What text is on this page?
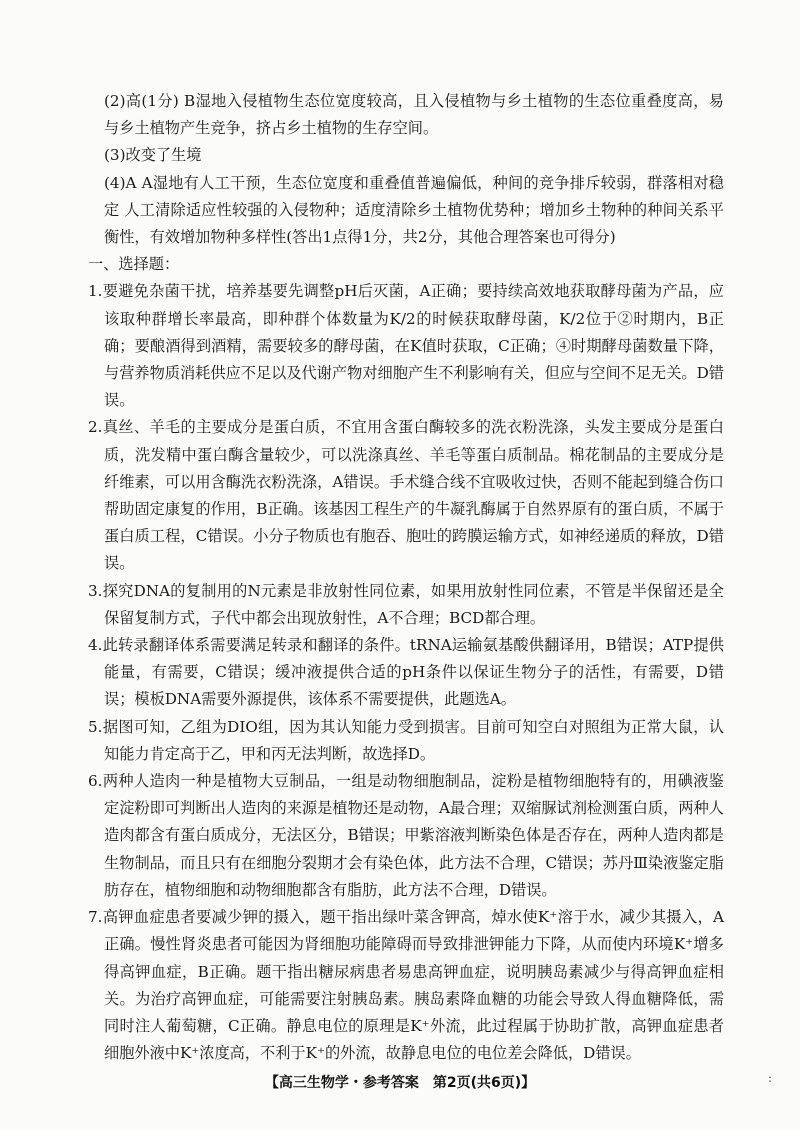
(2)高(1分) B湿地入侵植物生态位宽度较高，且入侵植物与乡土植物的生态位重叠度高，易与乡土植物产生竞争，挤占乡土植物的生存空间。

(3)改变了生境

(4)A A湿地有人工干预，生态位宽度和重叠值普遍偏低，种间的竞争排斥较弱，群落相对稳定 人工清除适应性较强的入侵物种；适度清除乡土植物优势种；增加乡土物种的种间关系平衡性，有效增加物种多样性(答出1点得1分，共2分，其他合理答案也可得分)

一、选择题：

1.要避免杂菌干扰，培养基要先调整pH后灭菌，A正确；要持续高效地获取酵母菌为产品，应该取种群增长率最高，即种群个体数量为K/2的时候获取酵母菌，K/2位于②时期内，B正确；要酿酒得到酒精，需要较多的酵母菌，在K值时获取，C正确；④时期酵母菌数量下降，与营养物质消耗供应不足以及代谢产物对细胞产生不利影响有关，但应与空间不足无关。D错误。

2.真丝、羊毛的主要成分是蛋白质，不宜用含蛋白酶较多的洗衣粉洗涤，头发主要成分是蛋白质，洗发精中蛋白酶含量较少，可以洗涤真丝、羊毛等蛋白质制品。棉花制品的主要成分是纤维素，可以用含酶洗衣粉洗涤，A错误。手术缝合线不宜吸收过快，否则不能起到缝合伤口帮助固定康复的作用，B正确。该基因工程生产的牛凝乳酶属于自然界原有的蛋白质，不属于蛋白质工程，C错误。小分子物质也有胞吞、胞吐的跨膜运输方式，如神经递质的释放，D错误。

3.探究DNA的复制用的N元素是非放射性同位素，如果用放射性同位素，不管是半保留还是全保留复制方式，子代中都会出现放射性，A不合理；BCD都合理。

4.此转录翻译体系需要满足转录和翻译的条件。tRNA运输氨基酸供翻译用，B错误；ATP提供能量，有需要，C错误；缓冲液提供合适的pH条件以保证生物分子的活性，有需要，D错误；模板DNA需要外源提供，该体系不需要提供，此题选A。

5.据图可知，乙组为DIO组，因为其认知能力受到损害。目前可知空白对照组为正常大鼠，认知能力肯定高于乙，甲和丙无法判断，故选择D。

6.两种人造肉一种是植物大豆制品，一组是动物细胞制品，淀粉是植物细胞特有的，用碘液鉴定淀粉即可判断出人造肉的来源是植物还是动物，A最合理；双缩脲试剂检测蛋白质，两种人造肉都含有蛋白质成分，无法区分，B错误；甲紫溶液判断染色体是否存在，两种人造肉都是生物制品，而且只有在细胞分裂期才会有染色体，此方法不合理，C错误；苏丹Ⅲ染液鉴定脂肪存在，植物细胞和动物细胞都含有脂肪，此方法不合理，D错误。

7.高钾血症患者要减少钾的摄入，题干指出绿叶菜含钾高，焯水使K⁺溶于水，减少其摄入，A正确。慢性肾炎患者可能因为肾细胞功能障碍而导致排泄钾能力下降，从而使内环境K⁺增多得高钾血症，B正确。题干指出糖尿病患者易患高钾血症，说明胰岛素减少与得高钾血症相关。为治疗高钾血症，可能需要注射胰岛素。胰岛素降血糖的功能会导致人得血糖降低，需同时注人葡萄糖，C正确。静息电位的原理是K⁺外流，此过程属于协助扩散，高钾血症患者细胞外液中K⁺浓度高，不利于K⁺的外流，故静息电位的电位差会降低，D错误。

【高三生物学・参考答案　第2页(共6页)】	:
